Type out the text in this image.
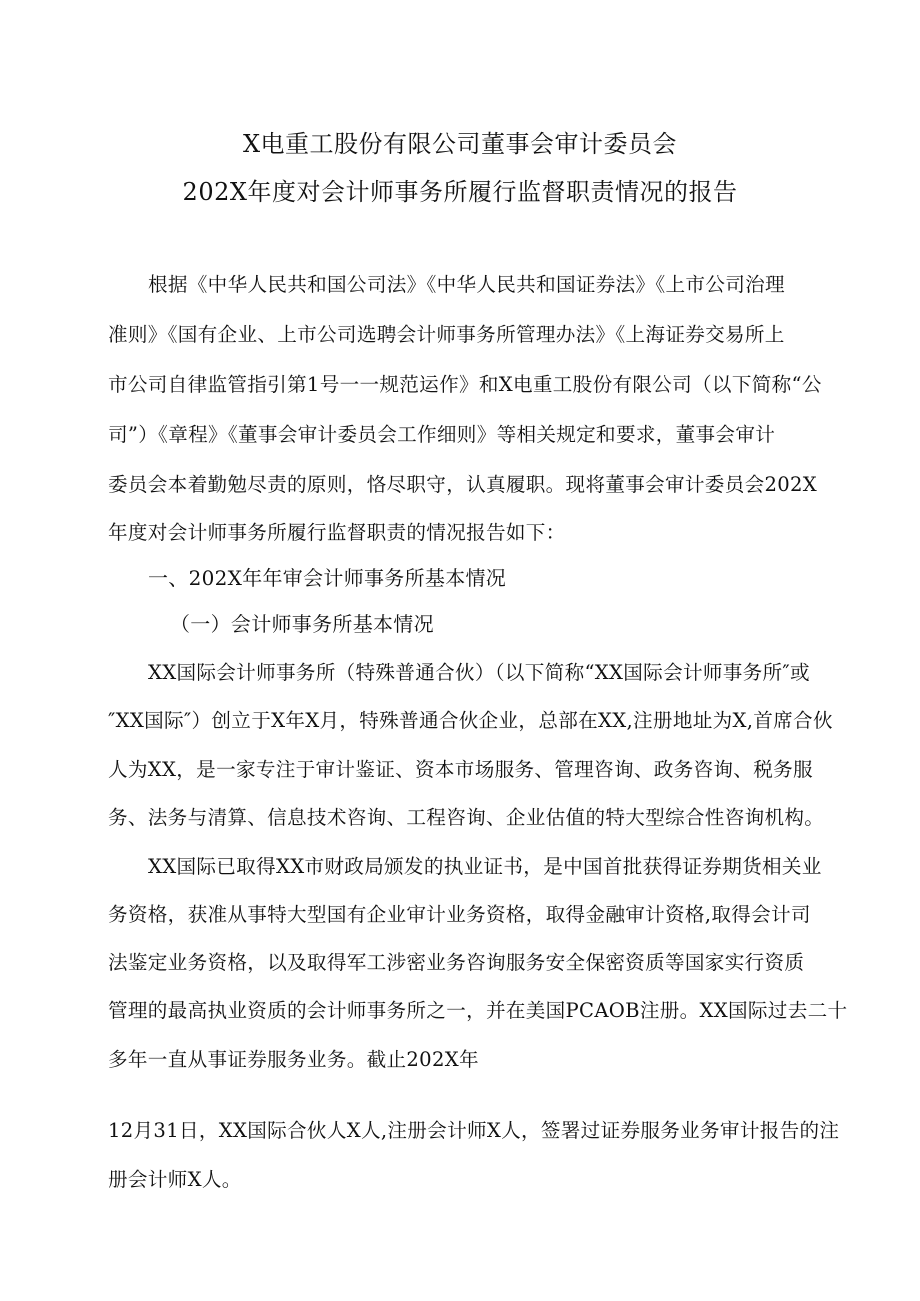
X电重工股份有限公司董事会审计委员会
202X年度对会计师事务所履行监督职责情况的报告
根据《中华人民共和国公司法》《中华人民共和国证券法》《上市公司治理
准则》《国有企业、上市公司选聘会计师事务所管理办法》《上海证券交易所上
市公司自律监管指引第1号一一规范运作》和X电重工股份有限公司（以下简称“公
司”）《章程》《董事会审计委员会工作细则》等相关规定和要求，董事会审计
委员会本着勤勉尽责的原则，恪尽职守，认真履职。现将董事会审计委员会202X
年度对会计师事务所履行监督职责的情况报告如下：
一、202X年年审会计师事务所基本情况
（一）会计师事务所基本情况
XX国际会计师事务所（特殊普通合伙）（以下简称“XX国际会计师事务所″或
″XX国际″）创立于X年X月，特殊普通合伙企业，总部在XX,注册地址为X,首席合伙
人为XX，是一家专注于审计鉴证、资本市场服务、管理咨询、政务咨询、税务服
务、法务与清算、信息技术咨询、工程咨询、企业估值的特大型综合性咨询机构。
XX国际已取得XX市财政局颁发的执业证书，是中国首批获得证券期货相关业
务资格，获准从事特大型国有企业审计业务资格，取得金融审计资格,取得会计司
法鉴定业务资格，以及取得军工涉密业务咨询服务安全保密资质等国家实行资质
管理的最高执业资质的会计师事务所之一，并在美国PCAOB注册。XX国际过去二十
多年一直从事证券服务业务。截止202X年
12月31日，XX国际合伙人X人,注册会计师X人，签署过证券服务业务审计报告的注
册会计师X人。
